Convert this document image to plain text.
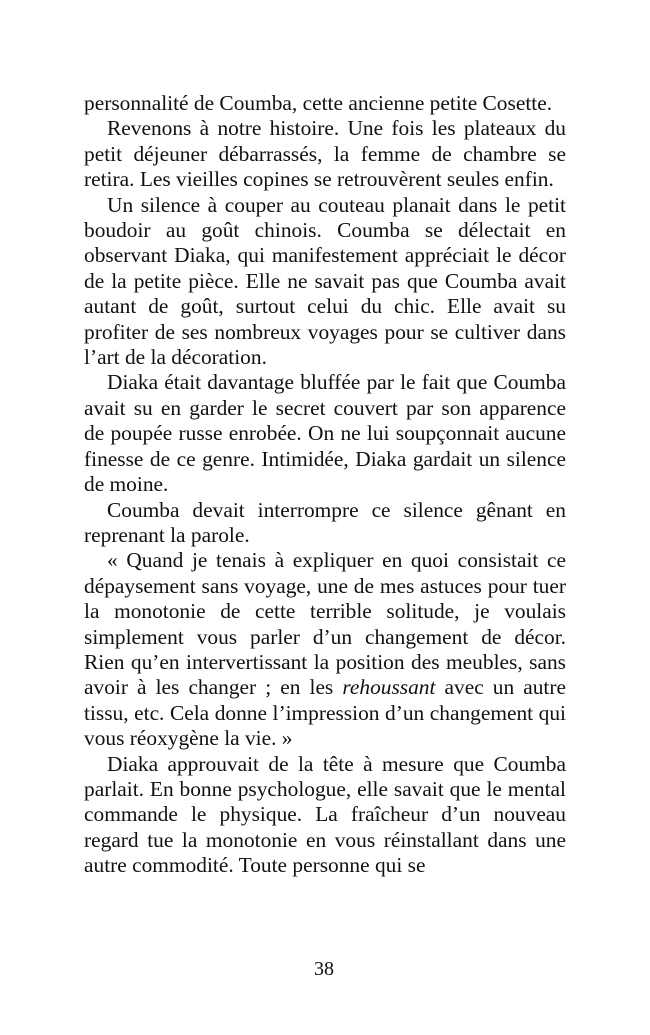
personnalité de Coumba, cette ancienne petite Cosette.

Revenons à notre histoire. Une fois les plateaux du petit déjeuner débarrassés, la femme de chambre se retira. Les vieilles copines se retrouvèrent seules enfin.

Un silence à couper au couteau planait dans le petit boudoir au goût chinois. Coumba se délectait en observant Diaka, qui manifestement appréciait le décor de la petite pièce. Elle ne savait pas que Coumba avait autant de goût, surtout celui du chic. Elle avait su profiter de ses nombreux voyages pour se cultiver dans l’art de la décoration.

Diaka était davantage bluffée par le fait que Coumba avait su en garder le secret couvert par son apparence de poupée russe enrobée. On ne lui soupçonnait aucune finesse de ce genre. Intimidée, Diaka gardait un silence de moine.

Coumba devait interrompre ce silence gênant en reprenant la parole.

« Quand je tenais à expliquer en quoi consistait ce dépaysement sans voyage, une de mes astuces pour tuer la monotonie de cette terrible solitude, je voulais simplement vous parler d’un changement de décor. Rien qu’en intervertissant la position des meubles, sans avoir à les changer ; en les rehoussant avec un autre tissu, etc. Cela donne l’impression d’un changement qui vous réoxygène la vie. »

Diaka approuvait de la tête à mesure que Coumba parlait. En bonne psychologue, elle savait que le mental commande le physique. La fraîcheur d’un nouveau regard tue la monotonie en vous réinstallant dans une autre commodité. Toute personne qui se

38
